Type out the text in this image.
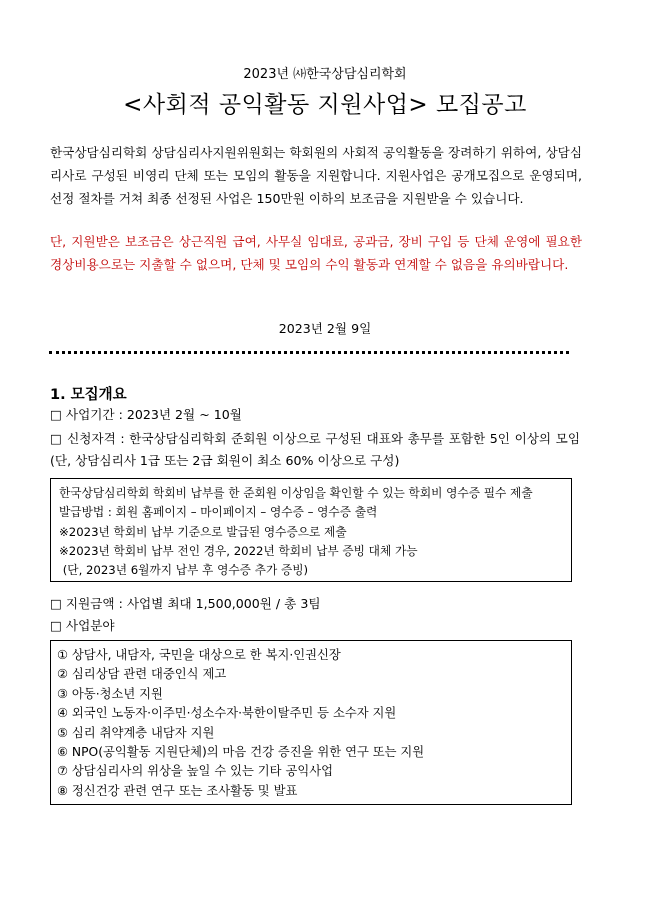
2023년 ㈔한국상담심리학회
<사회적 공익활동 지원사업> 모집공고
한국상담심리학회 상담심리사지원위원회는 학회원의 사회적 공익활동을 장려하기 위하여, 상담심리사로 구성된 비영리 단체 또는 모임의 활동을 지원합니다. 지원사업은 공개모집으로 운영되며, 선정 절차를 거쳐 최종 선정된 사업은 150만원 이하의 보조금을 지원받을 수 있습니다.
단, 지원받은 보조금은 상근직원 급여, 사무실 임대료, 공과금, 장비 구입 등 단체 운영에 필요한 경상비용으로는 지출할 수 없으며, 단체 및 모임의 수익 활동과 연계할 수 없음을 유의바랍니다.
2023년 2월 9일
1. 모집개요
□ 사업기간 : 2023년 2월 ~ 10월
□ 신청자격 : 한국상담심리학회 준회원 이상으로 구성된 대표와 총무를 포함한 5인 이상의 모임 (단, 상담심리사 1급 또는 2급 회원이 최소 60% 이상으로 구성)
한국상담심리학회 학회비 납부를 한 준회원 이상임을 확인할 수 있는 학회비 영수증 필수 제출
발급방법 : 회원 홈페이지 – 마이페이지 – 영수증 – 영수증 출력
※2023년 학회비 납부 기준으로 발급된 영수증으로 제출
※2023년 학회비 납부 전인 경우, 2022년 학회비 납부 증빙 대체 가능
(단, 2023년 6월까지 납부 후 영수증 추가 증빙)
□ 지원금액 : 사업별 최대 1,500,000원 / 총 3팀
□ 사업분야
① 상담사, 내담자, 국민을 대상으로 한 복지·인권신장
② 심리상담 관련 대중인식 제고
③ 아동·청소년 지원
④ 외국인 노동자·이주민·성소수자·북한이탈주민 등 소수자 지원
⑤ 심리 취약계층 내담자 지원
⑥ NPO(공익활동 지원단체)의 마음 건강 증진을 위한 연구 또는 지원
⑦ 상담심리사의 위상을 높일 수 있는 기타 공익사업
⑧ 정신건강 관련 연구 또는 조사활동 및 발표
